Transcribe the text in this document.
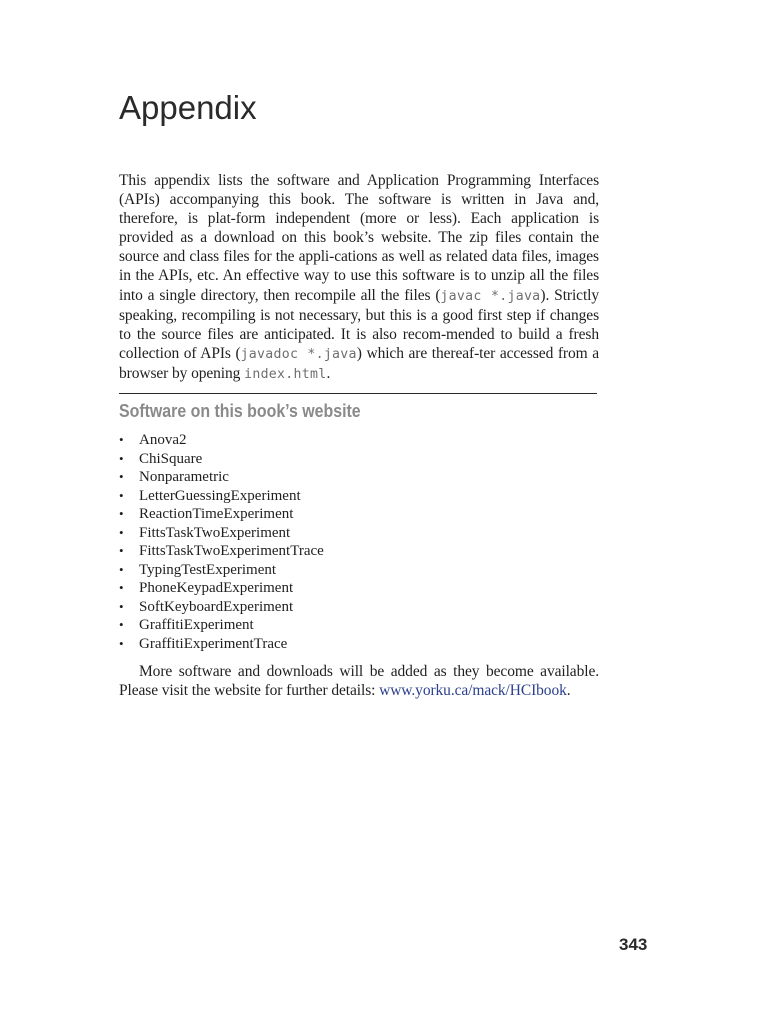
Appendix

This appendix lists the software and Application Programming Interfaces (APIs) accompanying this book. The software is written in Java and, therefore, is plat-form independent (more or less). Each application is provided as a download on this book’s website. The zip files contain the source and class files for the appli-cations as well as related data files, images in the APIs, etc. An effective way to use this software is to unzip all the files into a single directory, then recompile all the files (javac *.java). Strictly speaking, recompiling is not necessary, but this is a good first step if changes to the source files are anticipated. It is also recom-mended to build a fresh collection of APIs (javadoc *.java) which are thereaf-ter accessed from a browser by opening index.html.

Software on this book’s website
• Anova2
• ChiSquare
• Nonparametric
• LetterGuessingExperiment
• ReactionTimeExperiment
• FittsTaskTwoExperiment
• FittsTaskTwoExperimentTrace
• TypingTestExperiment
• PhoneKeypadExperiment
• SoftKeyboardExperiment
• GraffitiExperiment
• GraffitiExperimentTrace

More software and downloads will be added as they become available. Please visit the website for further details: www.yorku.ca/mack/HCIbook.

343
